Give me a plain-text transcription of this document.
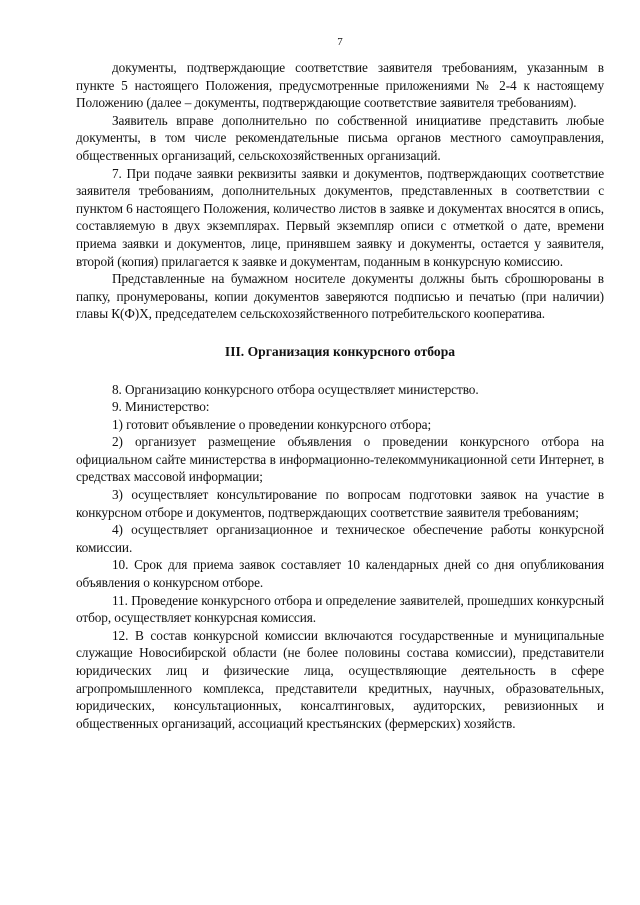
7

документы, подтверждающие соответствие заявителя требованиям, указанным в пункте 5 настоящего Положения, предусмотренные приложениями № 2-4 к настоящему Положению (далее – документы, подтверждающие соответствие заявителя требованиям).

Заявитель вправе дополнительно по собственной инициативе представить любые документы, в том числе рекомендательные письма органов местного самоуправления, общественных организаций, сельскохозяйственных организаций.

7. При подаче заявки реквизиты заявки и документов, подтверждающих соответствие заявителя требованиям, дополнительных документов, представленных в соответствии с пунктом 6 настоящего Положения, количество листов в заявке и документах вносятся в опись, составляемую в двух экземплярах. Первый экземпляр описи с отметкой о дате, времени приема заявки и документов, лице, принявшем заявку и документы, остается у заявителя, второй (копия) прилагается к заявке и документам, поданным в конкурсную комиссию.

Представленные на бумажном носителе документы должны быть сброшюрованы в папку, пронумерованы, копии документов заверяются подписью и печатью (при наличии) главы К(Ф)Х, председателем сельскохозяйственного потребительского кооператива.

III. Организация конкурсного отбора

8. Организацию конкурсного отбора осуществляет министерство.

9. Министерство:

1) готовит объявление о проведении конкурсного отбора;

2) организует размещение объявления о проведении конкурсного отбора на официальном сайте министерства в информационно-телекоммуникационной сети Интернет, в средствах массовой информации;

3) осуществляет консультирование по вопросам подготовки заявок на участие в конкурсном отборе и документов, подтверждающих соответствие заявителя требованиям;

4) осуществляет организационное и техническое обеспечение работы конкурсной комиссии.

10. Срок для приема заявок составляет 10 календарных дней со дня опубликования объявления о конкурсном отборе.

11. Проведение конкурсного отбора и определение заявителей, прошедших конкурсный отбор, осуществляет конкурсная комиссия.

12. В состав конкурсной комиссии включаются государственные и муниципальные служащие Новосибирской области (не более половины состава комиссии), представители юридических лиц и физические лица, осуществляющие деятельность в сфере агропромышленного комплекса, представители кредитных, научных, образовательных, юридических, консультационных, консалтинговых, аудиторских, ревизионных и общественных организаций, ассоциаций крестьянских (фермерских) хозяйств.
